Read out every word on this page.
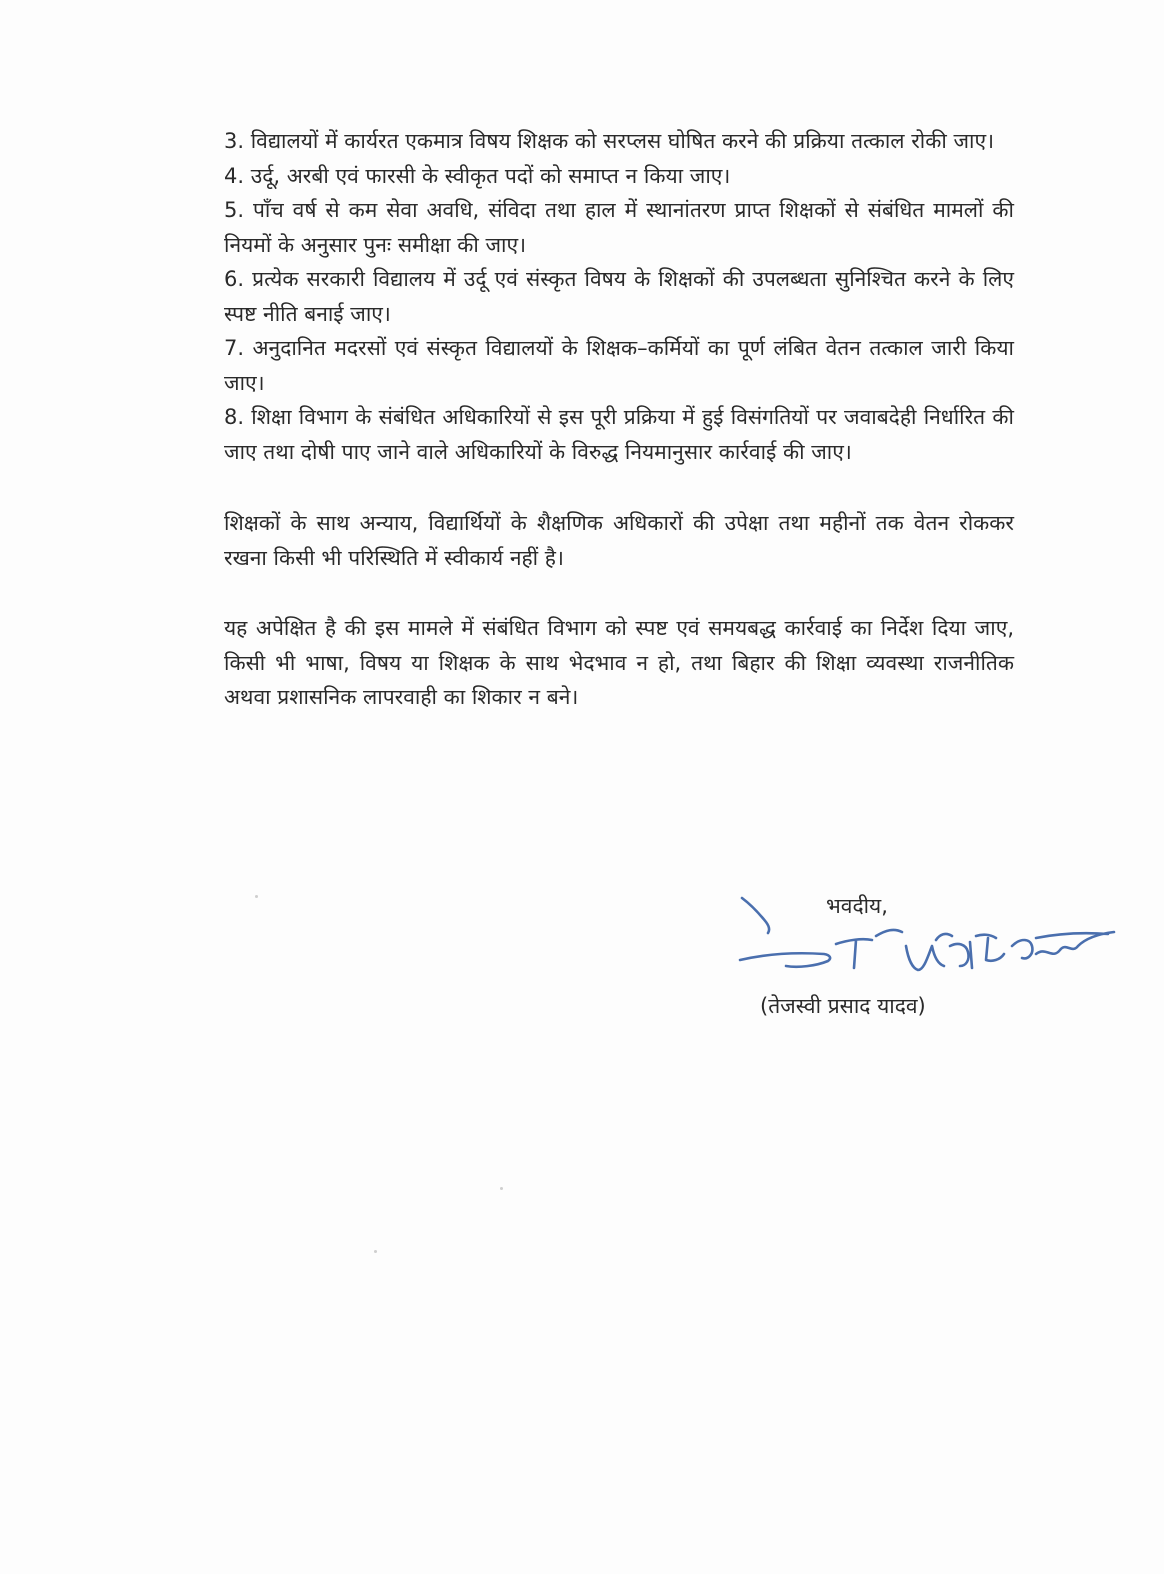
3. विद्यालयों में कार्यरत एकमात्र विषय शिक्षक को सरप्लस घोषित करने की प्रक्रिया तत्काल रोकी जाए।

4. उर्दू, अरबी एवं फारसी के स्वीकृत पदों को समाप्त न किया जाए।

5. पाँच वर्ष से कम सेवा अवधि, संविदा तथा हाल में स्थानांतरण प्राप्त शिक्षकों से संबंधित मामलों की नियमों के अनुसार पुनः समीक्षा की जाए।

6. प्रत्येक सरकारी विद्यालय में उर्दू एवं संस्कृत विषय के शिक्षकों की उपलब्धता सुनिश्चित करने के लिए स्पष्ट नीति बनाई जाए।

7. अनुदानित मदरसों एवं संस्कृत विद्यालयों के शिक्षक–कर्मियों का पूर्ण लंबित वेतन तत्काल जारी किया जाए।

8. शिक्षा विभाग के संबंधित अधिकारियों से इस पूरी प्रक्रिया में हुई विसंगतियों पर जवाबदेही निर्धारित की जाए तथा दोषी पाए जाने वाले अधिकारियों के विरुद्ध नियमानुसार कार्रवाई की जाए।

शिक्षकों के साथ अन्याय, विद्यार्थियों के शैक्षणिक अधिकारों की उपेक्षा तथा महीनों तक वेतन रोककर रखना किसी भी परिस्थिति में स्वीकार्य नहीं है।

यह अपेक्षित है की इस मामले में संबंधित विभाग को स्पष्ट एवं समयबद्ध कार्रवाई का निर्देश दिया जाए, किसी भी भाषा, विषय या शिक्षक के साथ भेदभाव न हो, तथा बिहार की शिक्षा व्यवस्था राजनीतिक अथवा प्रशासनिक लापरवाही का शिकार न बने।

भवदीय,
(तेजस्वी प्रसाद यादव)
